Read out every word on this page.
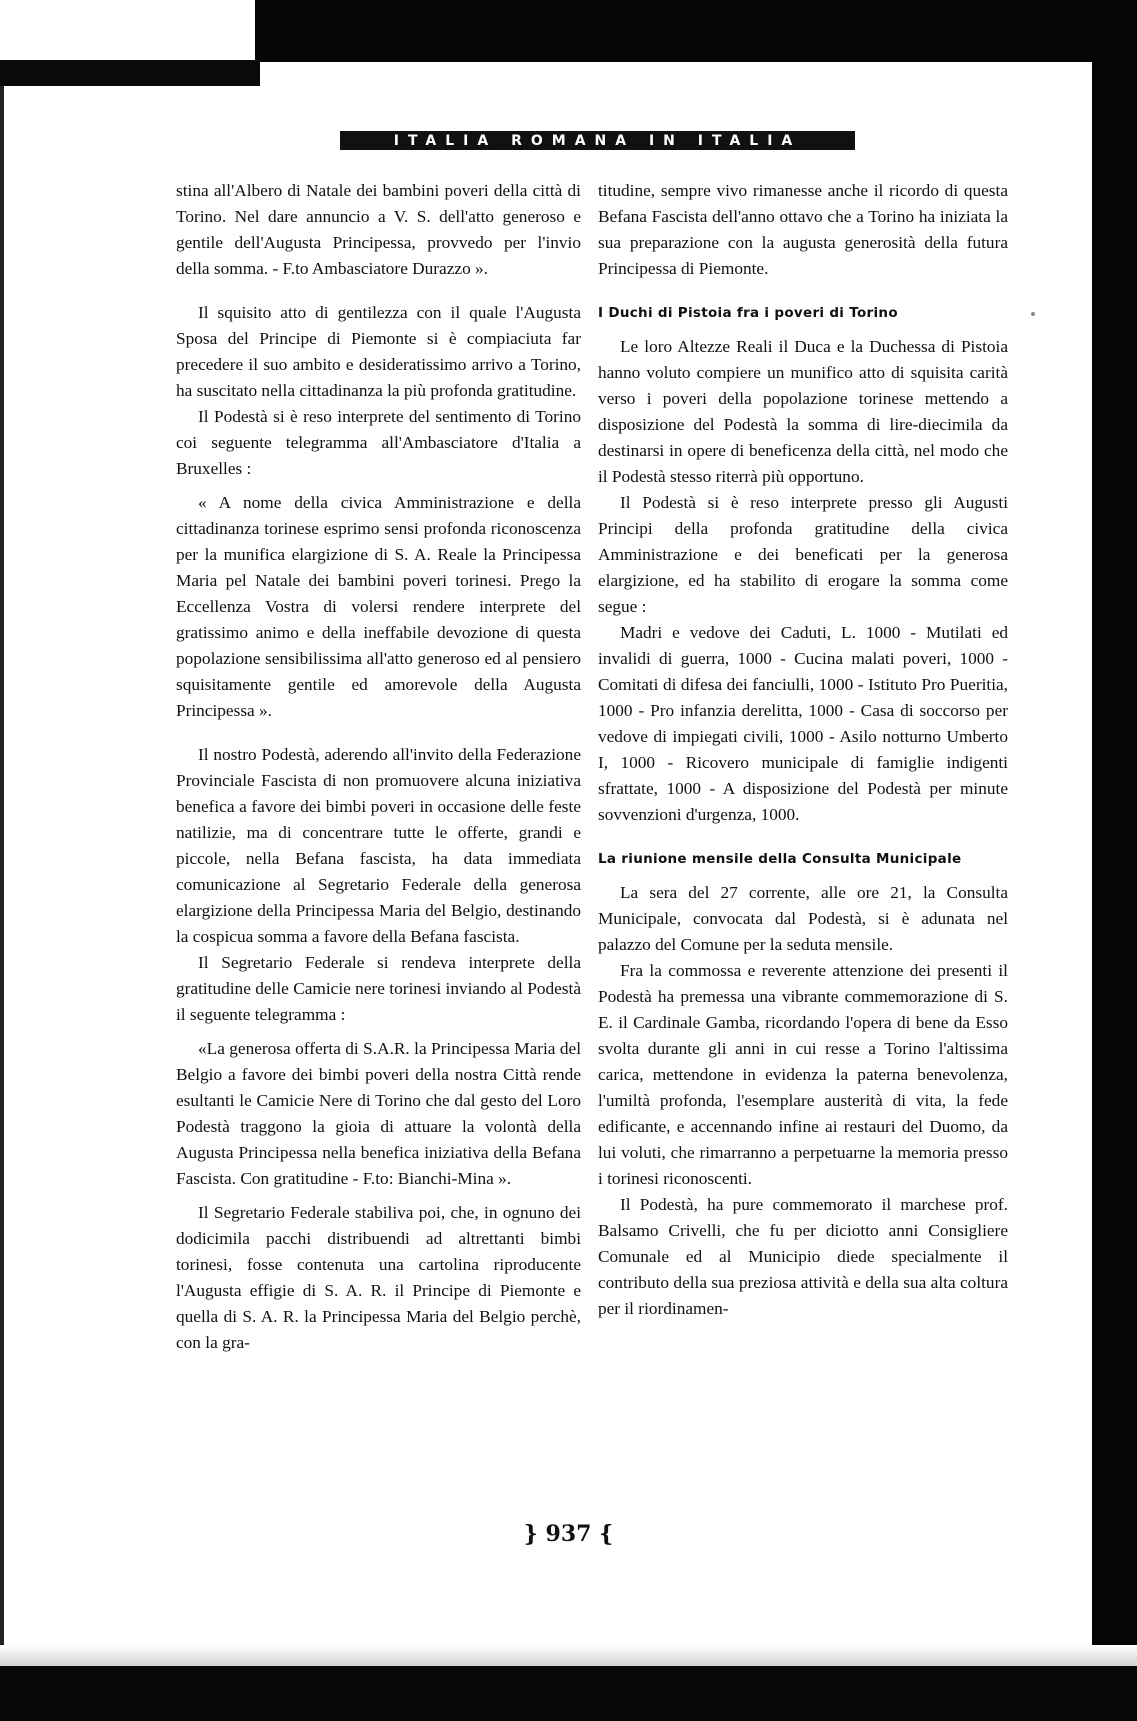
ITALIA ROMANA IN ITALIA

stina all'Albero di Natale dei bambini poveri della città di Torino. Nel dare annuncio a V. S. dell'atto generoso e gentile dell'Augusta Principessa, provvedo per l'invio della somma. - F.to Ambasciatore Durazzo ».

Il squisito atto di gentilezza con il quale l'Augusta Sposa del Principe di Piemonte si è compiaciuta far precedere il suo ambito e desideratissimo arrivo a Torino, ha suscitato nella cittadinanza la più profonda gratitudine.

Il Podestà si è reso interprete del sentimento di Torino coi seguente telegramma all'Ambasciatore d'Italia a Bruxelles :

« A nome della civica Amministrazione e della cittadinanza torinese esprimo sensi profonda riconoscenza per la munifica elargizione di S. A. Reale la Principessa Maria pel Natale dei bambini poveri torinesi. Prego la Eccellenza Vostra di volersi rendere interprete del gratissimo animo e della ineffabile devozione di questa popolazione sensibilissima all'atto generoso ed al pensiero squisitamente gentile ed amorevole della Augusta Principessa ».

Il nostro Podestà, aderendo all'invito della Federazione Provinciale Fascista di non promuovere alcuna iniziativa benefica a favore dei bimbi poveri in occasione delle feste natilizie, ma di concentrare tutte le offerte, grandi e piccole, nella Befana fascista, ha data immediata comunicazione al Segretario Federale della generosa elargizione della Principessa Maria del Belgio, destinando la cospicua somma a favore della Befana fascista.

Il Segretario Federale si rendeva interprete della gratitudine delle Camicie nere torinesi inviando al Podestà il seguente telegramma :

«La generosa offerta di S.A.R. la Principessa Maria del Belgio a favore dei bimbi poveri della nostra Città rende esultanti le Camicie Nere di Torino che dal gesto del Loro Podestà traggono la gioia di attuare la volontà della Augusta Principessa nella benefica iniziativa della Befana Fascista. Con gratitudine - F.to: Bianchi-Mina ».

Il Segretario Federale stabiliva poi, che, in ognuno dei dodicimila pacchi distribuendi ad altrettanti bimbi torinesi, fosse contenuta una cartolina riproducente l'Augusta effigie di S. A. R. il Principe di Piemonte e quella di S. A. R. la Principessa Maria del Belgio perchè, con la gra-

titudine, sempre vivo rimanesse anche il ricordo di questa Befana Fascista dell'anno ottavo che a Torino ha iniziata la sua preparazione con la augusta generosità della futura Principessa di Piemonte.

I Duchi di Pistoia fra i poveri di Torino

Le loro Altezze Reali il Duca e la Duchessa di Pistoia hanno voluto compiere un munifico atto di squisita carità verso i poveri della popolazione torinese mettendo a disposizione del Podestà la somma di lire-diecimila da destinarsi in opere di beneficenza della città, nel modo che il Podestà stesso riterrà più opportuno.

Il Podestà si è reso interprete presso gli Augusti Principi della profonda gratitudine della civica Amministrazione e dei beneficati per la generosa elargizione, ed ha stabilito di erogare la somma come segue :

Madri e vedove dei Caduti, L. 1000 - Mutilati ed invalidi di guerra, 1000 - Cucina malati poveri, 1000 - Comitati di difesa dei fanciulli, 1000 - Istituto Pro Pueritia, 1000 - Pro infanzia derelitta, 1000 - Casa di soccorso per vedove di impiegati civili, 1000 - Asilo notturno Umberto I, 1000 - Ricovero municipale di famiglie indigenti sfrattate, 1000 - A disposizione del Podestà per minute sovvenzioni d'urgenza, 1000.

La riunione mensile della Consulta Municipale

La sera del 27 corrente, alle ore 21, la Consulta Municipale, convocata dal Podestà, si è adunata nel palazzo del Comune per la seduta mensile.

Fra la commossa e reverente attenzione dei presenti il Podestà ha premessa una vibrante commemorazione di S. E. il Cardinale Gamba, ricordando l'opera di bene da Esso svolta durante gli anni in cui resse a Torino l'altissima carica, mettendone in evidenza la paterna benevolenza, l'umiltà profonda, l'esemplare austerità di vita, la fede edificante, e accennando infine ai restauri del Duomo, da lui voluti, che rimarranno a perpetuarne la memoria presso i torinesi riconoscenti.

Il Podestà, ha pure commemorato il marchese prof. Balsamo Crivelli, che fu per diciotto anni Consigliere Comunale ed al Municipio diede specialmente il contributo della sua preziosa attività e della sua alta coltura per il riordinamen-

} 937 {
